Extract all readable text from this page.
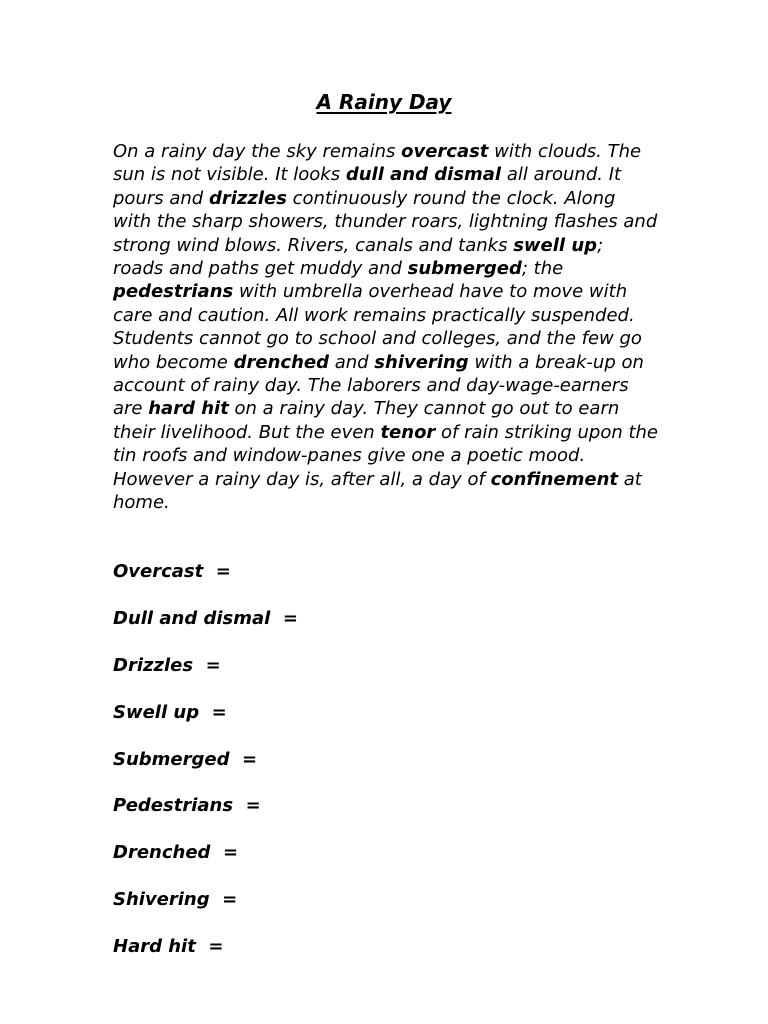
A Rainy Day

On a rainy day the sky remains overcast with clouds. The sun is not visible. It looks dull and dismal all around. It pours and drizzles continuously round the clock. Along with the sharp showers, thunder roars, lightning flashes and strong wind blows. Rivers, canals and tanks swell up; roads and paths get muddy and submerged; the pedestrians with umbrella overhead have to move with care and caution. All work remains practically suspended. Students cannot go to school and colleges, and the few go who become drenched and shivering with a break-up on account of rainy day. The laborers and day-wage-earners are hard hit on a rainy day. They cannot go out to earn their livelihood. But the even tenor of rain striking upon the tin roofs and window-panes give one a poetic mood. However a rainy day is, after all, a day of confinement at home.

Overcast  =
Dull and dismal  =
Drizzles  =
Swell up  =
Submerged  =
Pedestrians  =
Drenched  =
Shivering  =
Hard hit  =
